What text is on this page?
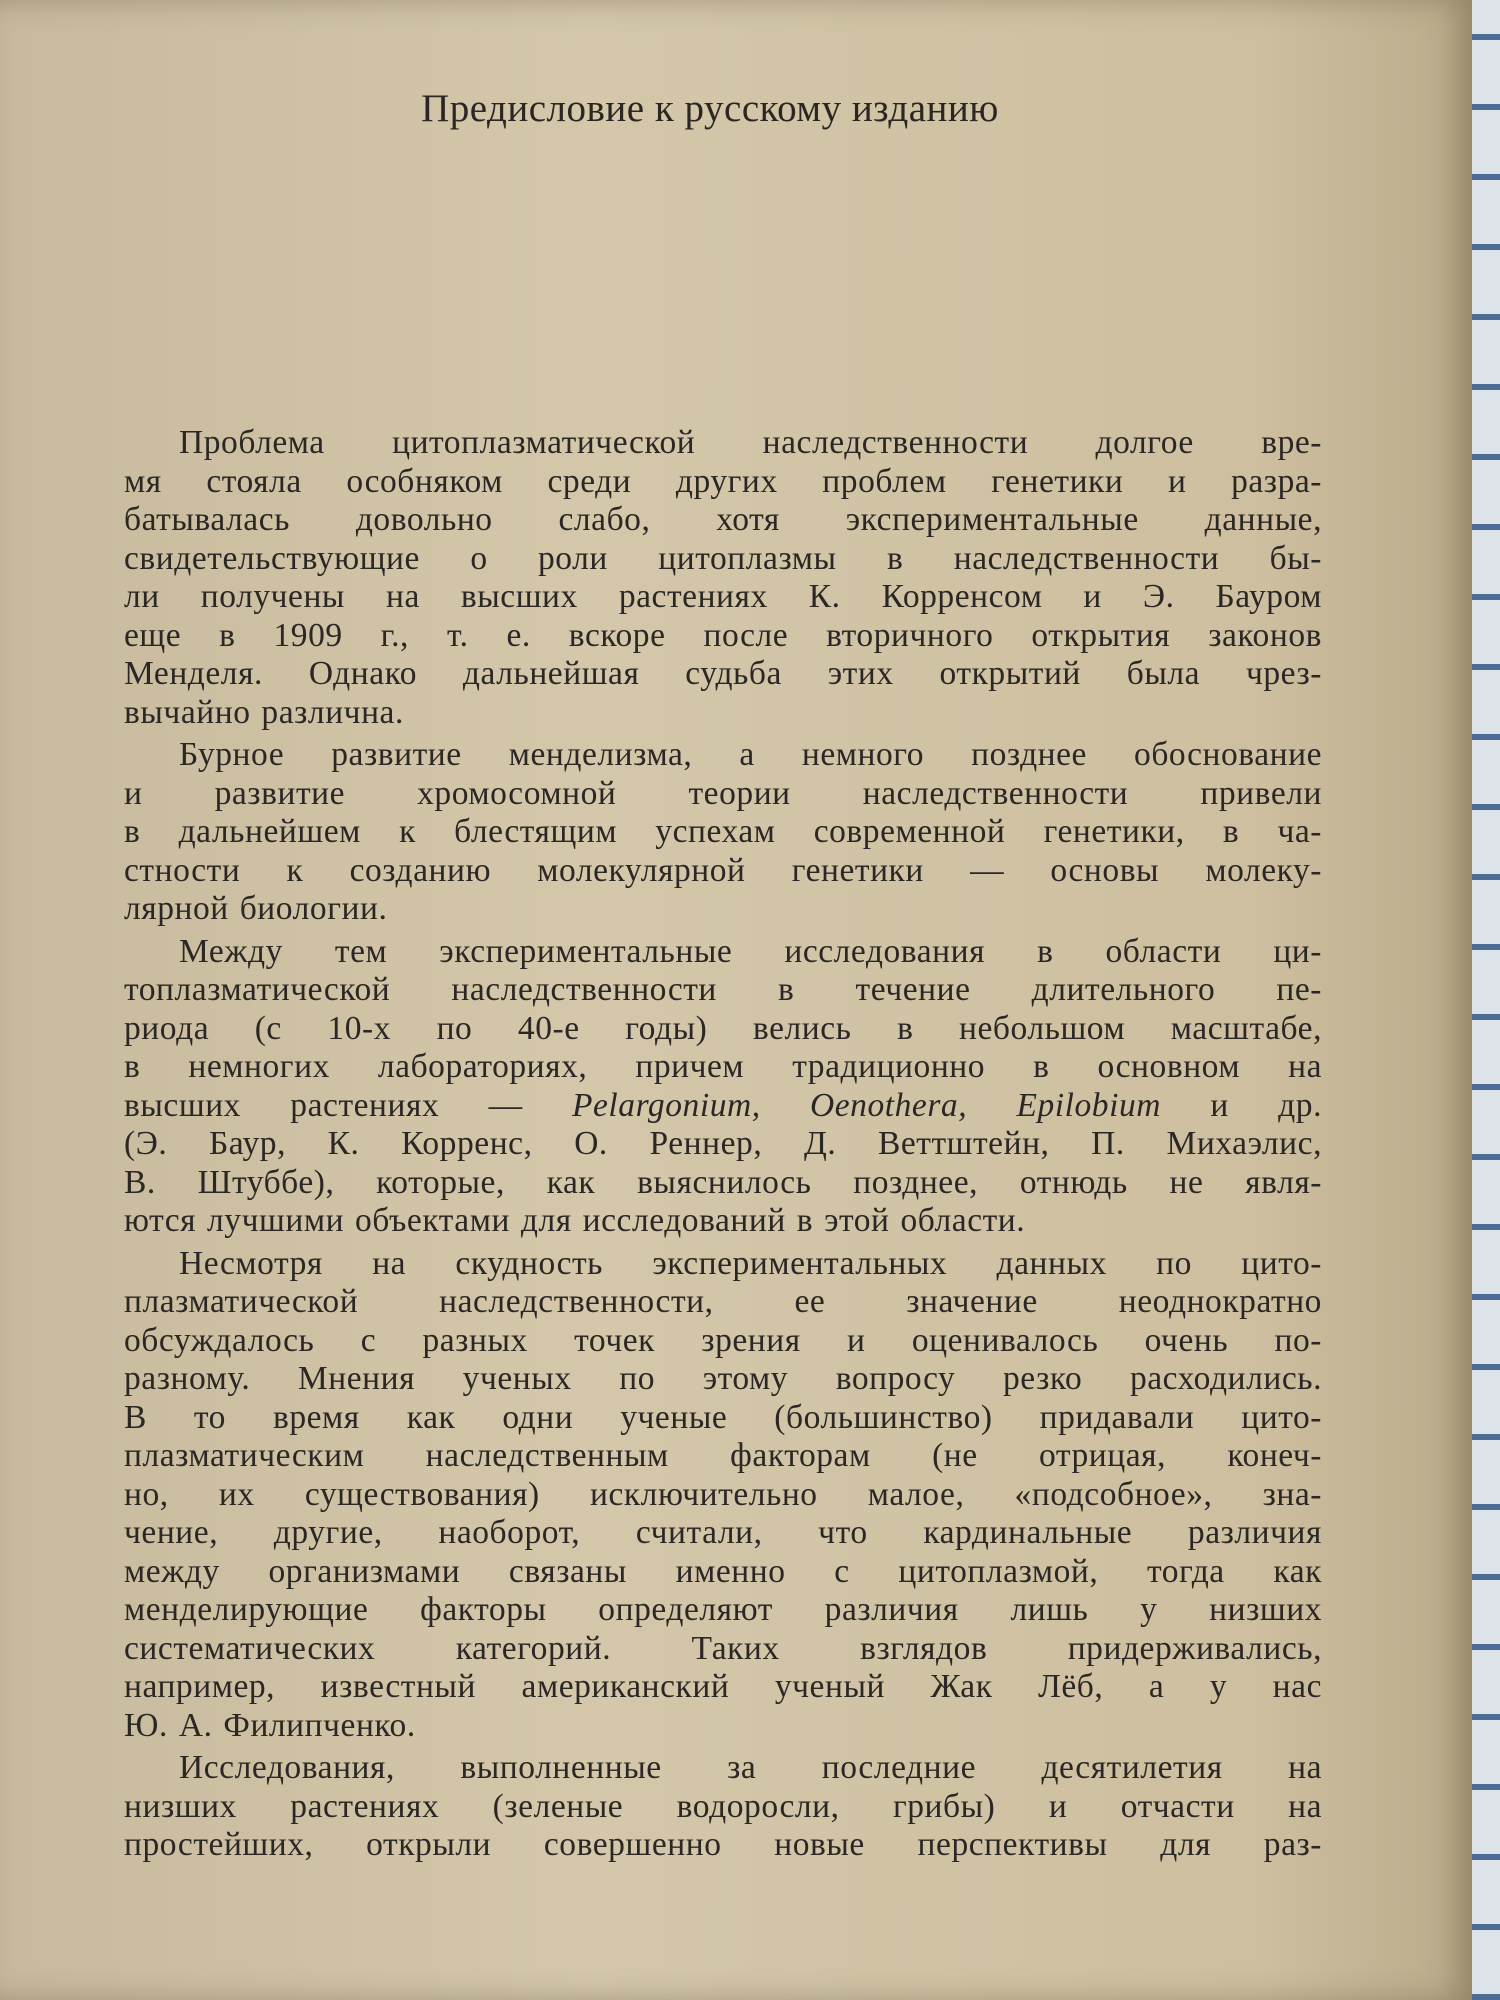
Предисловие к русскому изданию
Проблема цитоплазматической наследственности долгое вре-
мя стояла особняком среди других проблем генетики и разра-
батывалась довольно слабо, хотя экспериментальные данные,
свидетельствующие о роли цитоплазмы в наследственности бы-
ли получены на высших растениях К. Корренсом и Э. Бауром
еще в 1909 г., т. е. вскоре после вторичного открытия законов
Менделя. Однако дальнейшая судьба этих открытий была чрез-
вычайно различна.
Бурное развитие менделизма, а немного позднее обоснование
и развитие хромосомной теории наследственности привели
в дальнейшем к блестящим успехам современной генетики, в ча-
стности к созданию молекулярной генетики — основы молеку-
лярной биологии.
Между тем экспериментальные исследования в области ци-
топлазматической наследственности в течение длительного пе-
риода (с 10-х по 40-е годы) велись в небольшом масштабе,
в немногих лабораториях, причем традиционно в основном на
высших растениях — Pelargonium, Oenothera, Epilobium и др.
(Э. Баур, К. Корренс, О. Реннер, Д. Веттштейн, П. Михаэлис,
В. Штуббе), которые, как выяснилось позднее, отнюдь не явля-
ются лучшими объектами для исследований в этой области.
Несмотря на скудность экспериментальных данных по цито-
плазматической наследственности, ее значение неоднократно
обсуждалось с разных точек зрения и оценивалось очень по-
разному. Мнения ученых по этому вопросу резко расходились.
В то время как одни ученые (большинство) придавали цито-
плазматическим наследственным факторам (не отрицая, конеч-
но, их существования) исключительно малое, «подсобное», зна-
чение, другие, наоборот, считали, что кардинальные различия
между организмами связаны именно с цитоплазмой, тогда как
менделирующие факторы определяют различия лишь у низших
систематических категорий. Таких взглядов придерживались,
например, известный американский ученый Жак Лёб, а у нас
Ю. А. Филипченко.
Исследования, выполненные за последние десятилетия на
низших растениях (зеленые водоросли, грибы) и отчасти на
простейших, открыли совершенно новые перспективы для раз-
